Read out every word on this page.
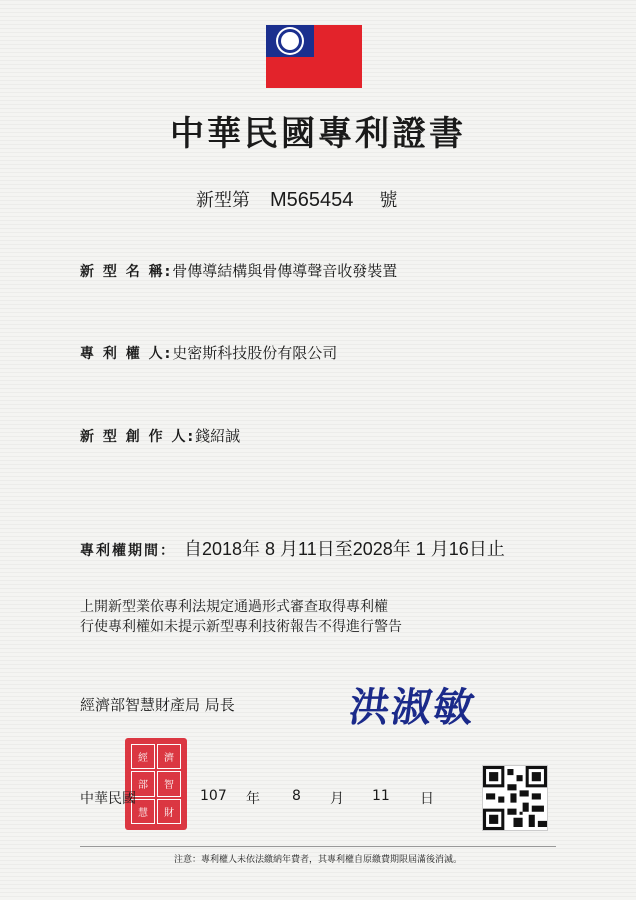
中華民國專利證書
新型第 M565454 號
新 型 名 稱:骨傳導結構與骨傳導聲音收發裝置
專 利 權 人:史密斯科技股份有限公司
新 型 創 作 人:錢紹誠
專利權期間： 自2018年 8 月11日至2028年 1 月16日止
上開新型業依專利法規定通過形式審查取得專利權
行使專利權如未提示新型專利技術報告不得進行警告
經濟部智慧財產局 局長	洪淑敏
經	濟
部	智
慧	財
中華民國	107 年 8 月 11 日
注意：專利權人未依法繳納年費者，其專利權自原繳費期限屆滿後消滅。
